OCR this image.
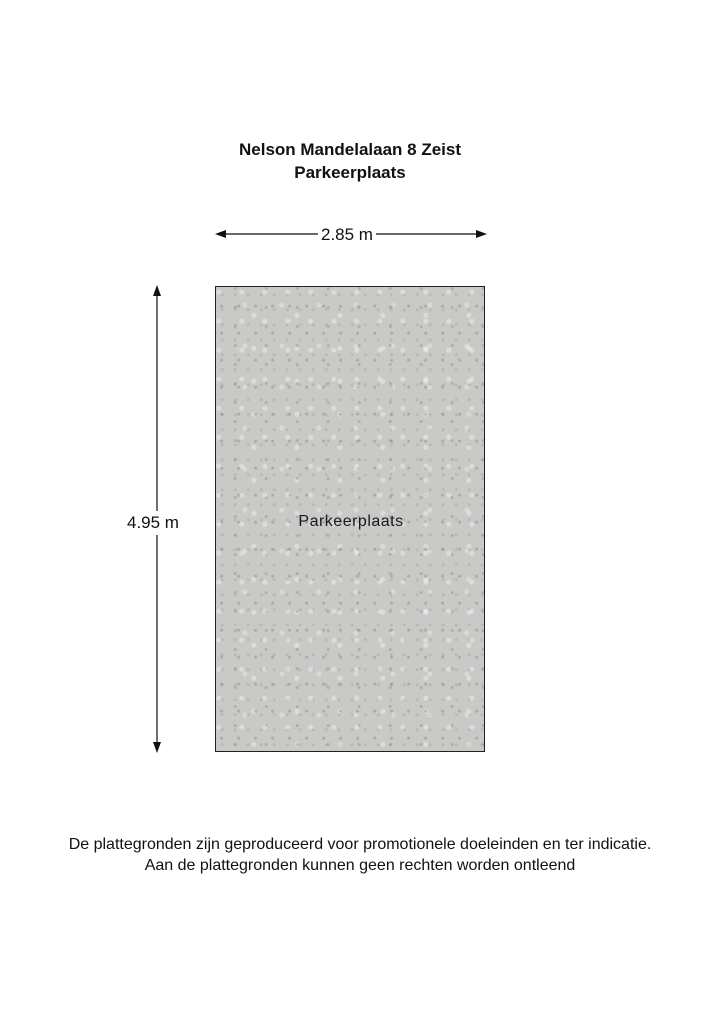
Nelson Mandelalaan 8 Zeist
Parkeerplaats
2.85 m
4.95 m	Parkeerplaats
De plattegronden zijn geproduceerd voor promotionele doeleinden en ter indicatie.
Aan de plattegronden kunnen geen rechten worden ontleend
